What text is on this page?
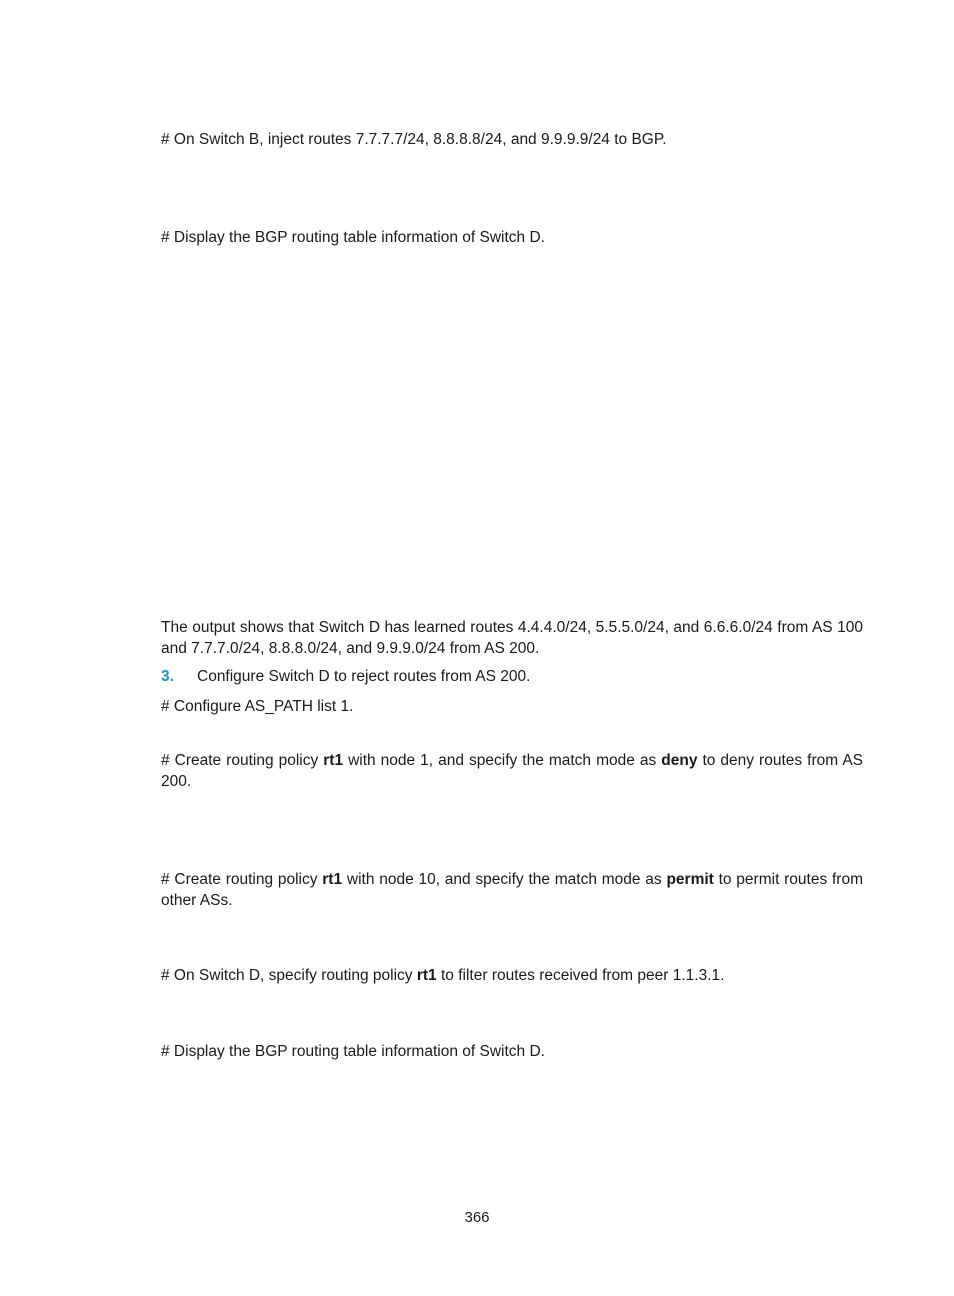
# On Switch B, inject routes 7.7.7.7/24, 8.8.8.8/24, and 9.9.9.9/24 to BGP.

# Display the BGP routing table information of Switch D.

The output shows that Switch D has learned routes 4.4.4.0/24, 5.5.5.0/24, and 6.6.6.0/24 from AS 100 and 7.7.7.0/24, 8.8.8.0/24, and 9.9.9.0/24 from AS 200.

3. Configure Switch D to reject routes from AS 200.

# Configure AS_PATH list 1.

# Create routing policy rt1 with node 1, and specify the match mode as deny to deny routes from AS 200.

# Create routing policy rt1 with node 10, and specify the match mode as permit to permit routes from other ASs.

# On Switch D, specify routing policy rt1 to filter routes received from peer 1.1.3.1.

# Display the BGP routing table information of Switch D.

366
